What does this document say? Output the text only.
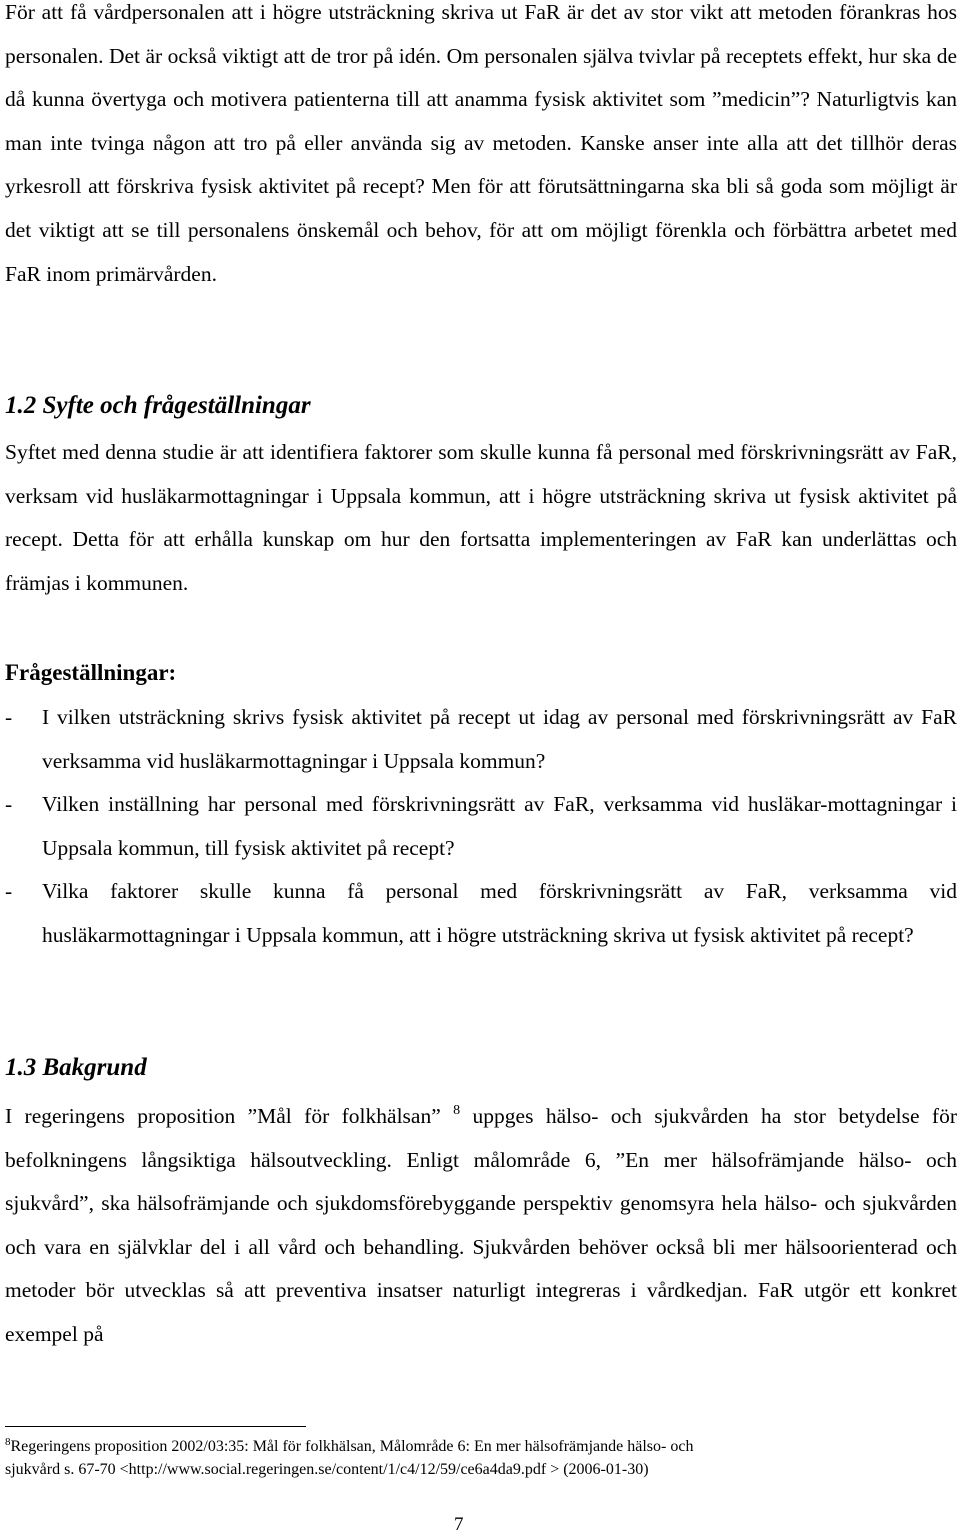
För att få vårdpersonalen att i högre utsträckning skriva ut FaR är det av stor vikt att metoden förankras hos personalen. Det är också viktigt att de tror på idén. Om personalen själva tvivlar på receptets effekt, hur ska de då kunna övertyga och motivera patienterna till att anamma fysisk aktivitet som ”medicin”? Naturligtvis kan man inte tvinga någon att tro på eller använda sig av metoden. Kanske anser inte alla att det tillhör deras yrkesroll att förskriva fysisk aktivitet på recept? Men för att förutsättningarna ska bli så goda som möjligt är det viktigt att se till personalens önskemål och behov, för att om möjligt förenkla och förbättra arbetet med FaR inom primärvården.

1.2 Syfte och frågeställningar

Syftet med denna studie är att identifiera faktorer som skulle kunna få personal med förskrivningsrätt av FaR, verksam vid husläkarmottagningar i Uppsala kommun, att i högre utsträckning skriva ut fysisk aktivitet på recept. Detta för att erhålla kunskap om hur den fortsatta implementeringen av FaR kan underlättas och främjas i kommunen.

Frågeställningar:
- I vilken utsträckning skrivs fysisk aktivitet på recept ut idag av personal med förskrivningsrätt av FaR verksamma vid husläkarmottagningar i Uppsala kommun?
- Vilken inställning har personal med förskrivningsrätt av FaR, verksamma vid husläkar-mottagningar i Uppsala kommun, till fysisk aktivitet på recept?
- Vilka faktorer skulle kunna få personal med förskrivningsrätt av FaR, verksamma vid husläkarmottagningar i Uppsala kommun, att i högre utsträckning skriva ut fysisk aktivitet på recept?
1.3 Bakgrund

I regeringens proposition ”Mål för folkhälsan” $^8$ uppges hälso- och sjukvården ha stor betydelse för befolkningens långsiktiga hälsoutveckling. Enligt målområde 6, ”En mer hälsofrämjande hälso- och sjukvård”, ska hälsofrämjande och sjukdomsförebyggande perspektiv genomsyra hela hälso- och sjukvården och vara en självklar del i all vård och behandling. Sjukvården behöver också bli mer hälsoorienterad och metoder bör utvecklas så att preventiva insatser naturligt integreras i vårdkedjan. FaR utgör ett konkret exempel på

$^8$Regeringens proposition 2002/03:35: Mål för folkhälsan, Målområde 6: En mer hälsofrämjande hälso- och
sjukvård s. 67-70 <http://www.social.regeringen.se/content/1/c4/12/59/ce6a4da9.pdf > (2006-01-30)

7
